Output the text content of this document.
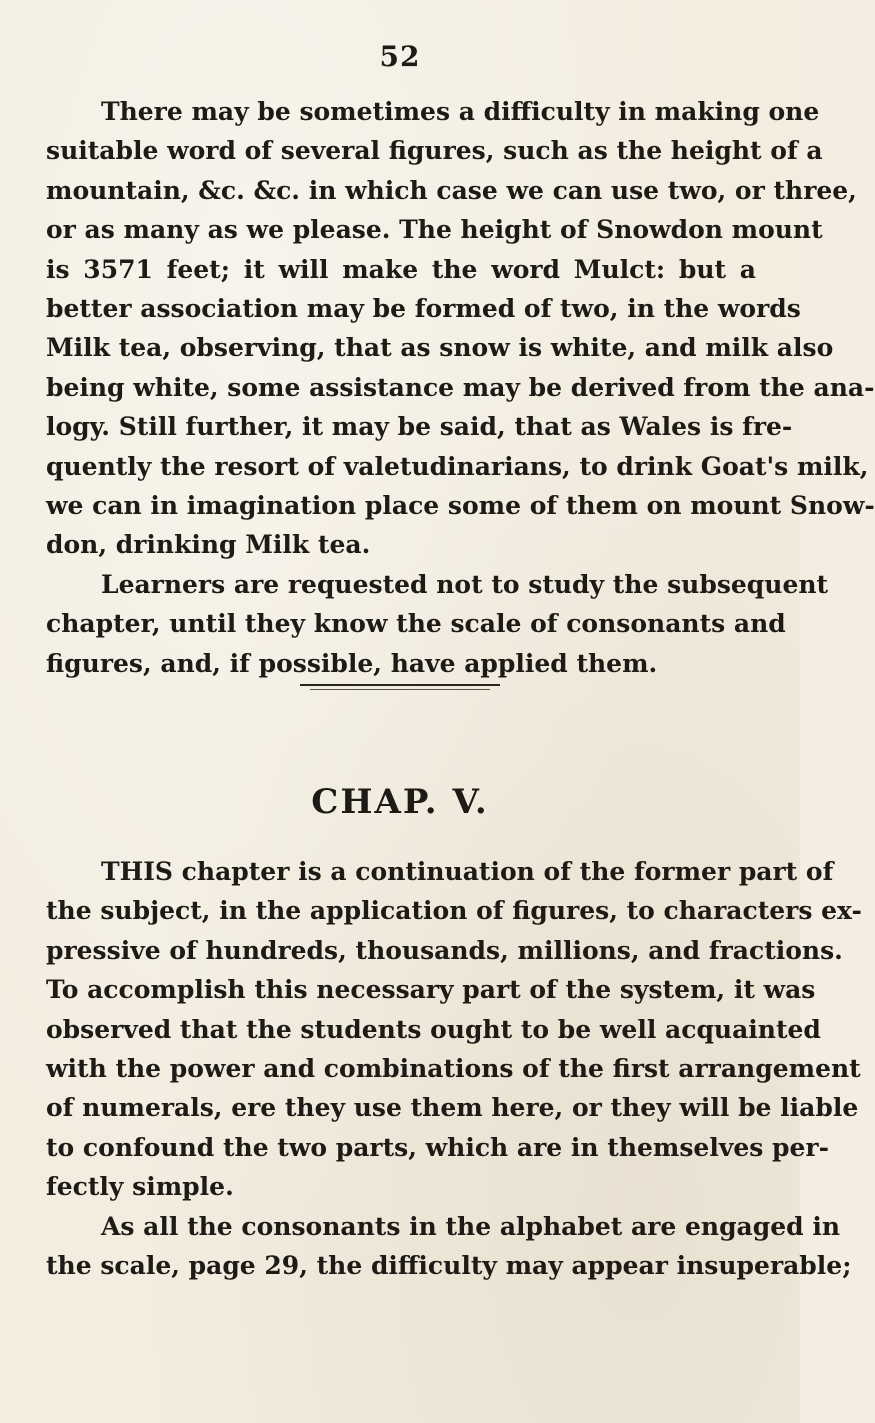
52
There may be sometimes a difficulty in making one
suitable word of several figures, such as the height of a
mountain, &c. &c. in which case we can use two, or three,
or as many as we please. The height of Snowdon mount
is 3571 feet; it will make the word Mulct: but a
better association may be formed of two, in the words
Milk tea, observing, that as snow is white, and milk also
being white, some assistance may be derived from the ana-
logy. Still further, it may be said, that as Wales is fre-
quently the resort of valetudinarians, to drink Goat's milk,
we can in imagination place some of them on mount Snow-
don, drinking Milk tea.
Learners are requested not to study the subsequent
chapter, until they know the scale of consonants and
figures, and, if possible, have applied them.
CHAP. V.
THIS chapter is a continuation of the former part of
the subject, in the application of figures, to characters ex-
pressive of hundreds, thousands, millions, and fractions.
To accomplish this necessary part of the system, it was
observed that the students ought to be well acquainted
with the power and combinations of the first arrangement
of numerals, ere they use them here, or they will be liable
to confound the two parts, which are in themselves per-
fectly simple.
As all the consonants in the alphabet are engaged in
the scale, page 29, the difficulty may appear insuperable;
